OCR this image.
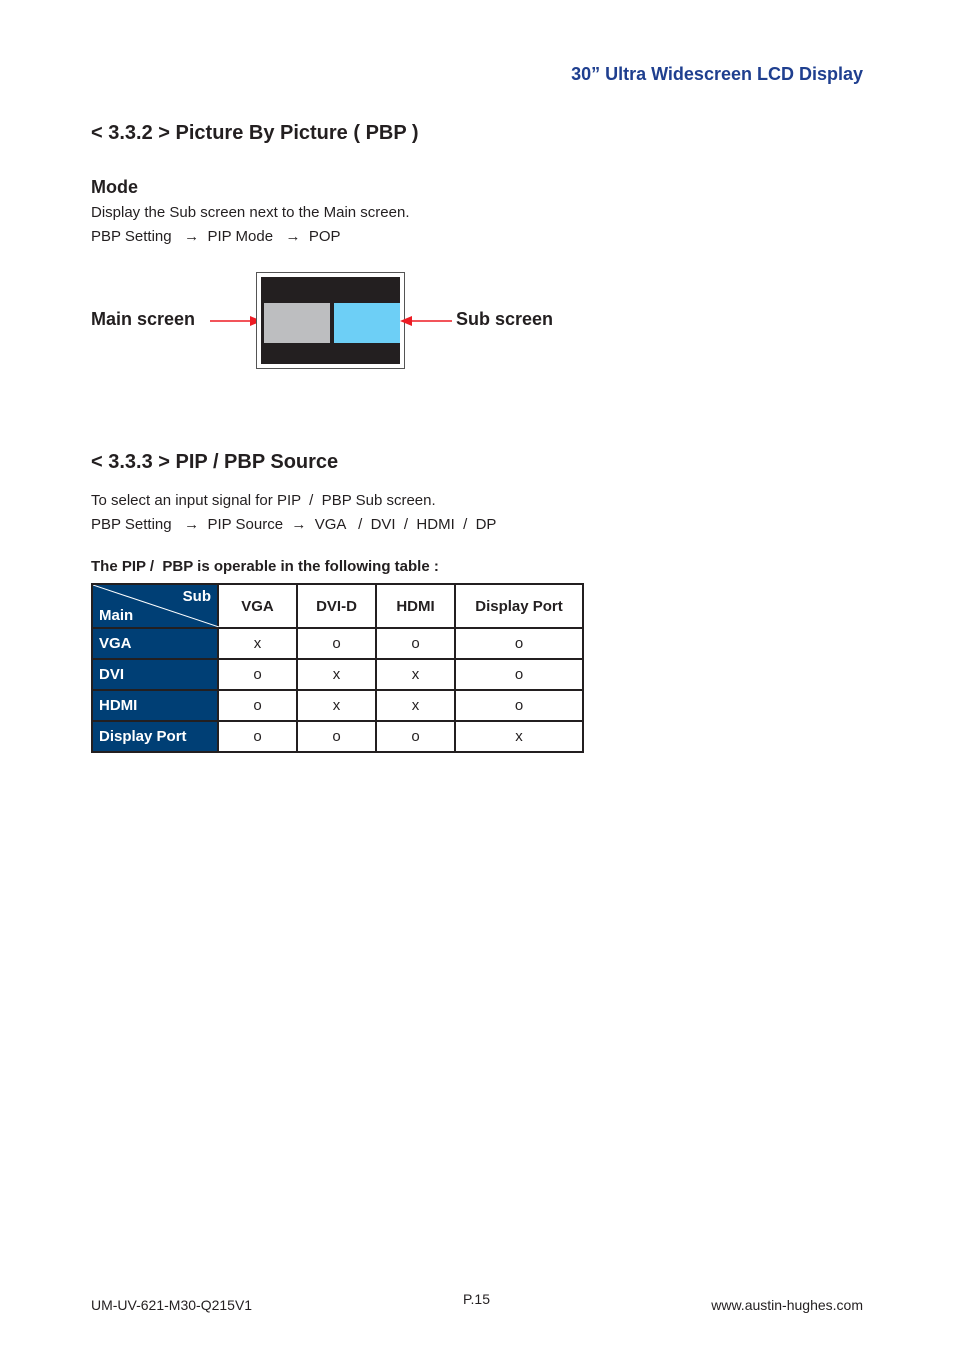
30” Ultra Widescreen LCD Display
< 3.3.2 > Picture By Picture ( PBP )
Mode
Display the Sub screen next to the Main screen.
PBP Setting   →  PIP Mode   →  POP
Main screen	Sub screen
< 3.3.3 > PIP / PBP Source
To select an input signal for PIP  /  PBP Sub screen.
PBP Setting   →  PIP Source  →  VGA   /  DVI  /  HDMI  /  DP
The PIP /  PBP is operable in the following table :
Sub
Main	VGA	DVI-D	HDMI	Display Port
VGA	x	o	o	o
DVI	o	x	x	o
HDMI	o	x	x	o
Display Port	o	o	o	x
UM-UV-621-M30-Q215V1	P.15	www.austin-hughes.com
